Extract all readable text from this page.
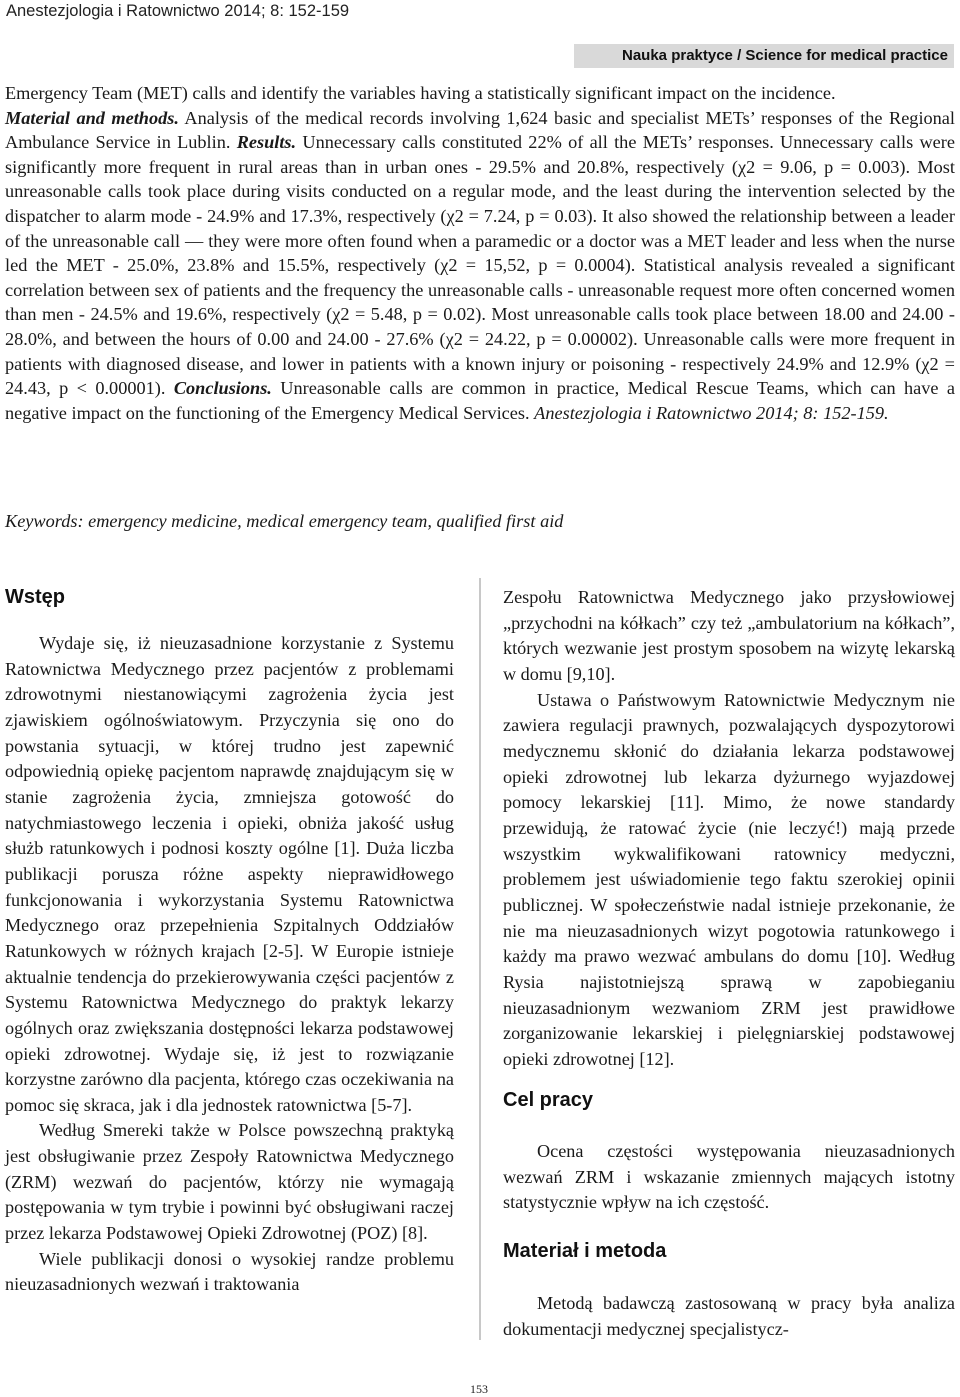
Anestezjologia i Ratownictwo 2014; 8: 152-159
Nauka praktyce / Science for medical practice

Emergency Team (MET) calls and identify the variables having a statistically significant impact on the incidence.
Material and methods. Analysis of the medical records involving 1,624 basic and specialist METs’ responses of the Regional Ambulance Service in Lublin. Results. Unnecessary calls constituted 22% of all the METs’ responses. Unnecessary calls were significantly more frequent in rural areas than in urban ones - 29.5% and 20.8%, respectively (χ2 = 9.06, p = 0.003). Most unreasonable calls took place during visits conducted on a regular mode, and the least during the intervention selected by the dispatcher to alarm mode - 24.9% and 17.3%, respectively (χ2 = 7.24, p = 0.03). It also showed the relationship between a leader of the unreasonable call — they were more often found when a paramedic or a doctor was a MET leader and less when the nurse led the MET - 25.0%, 23.8% and 15.5%, respectively (χ2 = 15,52, p = 0.0004). Statistical analysis revealed a significant correlation between sex of patients and the frequency the unreasonable calls - unreasonable request more often concerned women than men - 24.5% and 19.6%, respectively (χ2 = 5.48, p = 0.02). Most unreasonable calls took place between 18.00 and 24.00 - 28.0%, and between the hours of 0.00 and 24.00 - 27.6% (χ2 = 24.22, p = 0.00002). Unreasonable calls were more frequent in patients with diagnosed disease, and lower in patients with a known injury or poisoning - respectively 24.9% and 12.9% (χ2 = 24.43, p < 0.00001). Conclusions. Unreasonable calls are common in practice, Medical Rescue Teams, which can have a negative impact on the functioning of the Emergency Medical Services. Anestezjologia i Ratownictwo 2014; 8: 152-159.

Keywords: emergency medicine, medical emergency team, qualified first aid
Wstęp

Wydaje się, iż nieuzasadnione korzystanie z Systemu Ratownictwa Medycznego przez pacjentów z problemami zdrowotnymi niestanowiącymi zagrożenia życia jest zjawiskiem ogólnoświatowym. Przyczynia się ono do powstania sytuacji, w której trudno jest zapewnić odpowiednią opiekę pacjentom naprawdę znajdującym się w stanie zagrożenia życia, zmniejsza gotowość do natychmiastowego leczenia i opieki, obniża jakość usług służb ratunkowych i podnosi koszty ogólne [1]. Duża liczba publikacji porusza różne aspekty nieprawidłowego funkcjonowania i wykorzystania Systemu Ratownictwa Medycznego oraz przepełnienia Szpitalnych Oddziałów Ratunkowych w różnych krajach [2-5]. W Europie istnieje aktualnie tendencja do przekierowywania części pacjentów z Systemu Ratownictwa Medycznego do praktyk lekarzy ogólnych oraz zwiększania dostępności lekarza podstawowej opieki zdrowotnej. Wydaje się, iż jest to rozwiązanie korzystne zarówno dla pacjenta, którego czas oczekiwania na pomoc się skraca, jak i dla jednostek ratownictwa [5-7].

Według Smereki także w Polsce powszechną praktyką jest obsługiwanie przez Zespoły Ratownictwa Medycznego (ZRM) wezwań do pacjentów, którzy nie wymagają postępowania w tym trybie i powinni być obsługiwani raczej przez lekarza Podstawowej Opieki Zdrowotnej (POZ) [8].

Wiele publikacji donosi o wysokiej randze problemu nieuzasadnionych wezwań i traktowania

Zespołu Ratownictwa Medycznego jako przysłowiowej „przychodni na kółkach” czy też „ambulatorium na kółkach”, których wezwanie jest prostym sposobem na wizytę lekarską w domu [9,10].

Ustawa o Państwowym Ratownictwie Medycznym nie zawiera regulacji prawnych, pozwalających dyspozytorowi medycznemu skłonić do działania lekarza podstawowej opieki zdrowotnej lub lekarza dyżurnego wyjazdowej pomocy lekarskiej [11]. Mimo, że nowe standardy przewidują, że ratować życie (nie leczyć!) mają przede wszystkim wykwalifikowani ratownicy medyczni, problemem jest uświadomienie tego faktu szerokiej opinii publicznej. W społeczeństwie nadal istnieje przekonanie, że nie ma nieuzasadnionych wizyt pogotowia ratunkowego i każdy ma prawo wezwać ambulans do domu [10]. Według Rysia najistotniejszą sprawą w zapobieganiu nieuzasadnionym wezwaniom ZRM jest prawidłowe zorganizowanie lekarskiej i pielęgniarskiej podstawowej opieki zdrowotnej [12].

Cel pracy

Ocena częstości występowania nieuzasadnionych wezwań ZRM i wskazanie zmiennych mających istotny statystycznie wpływ na ich częstość.

Materiał i metoda

Metodą badawczą zastosowaną w pracy była analiza dokumentacji medycznej specjalistycz-

153
